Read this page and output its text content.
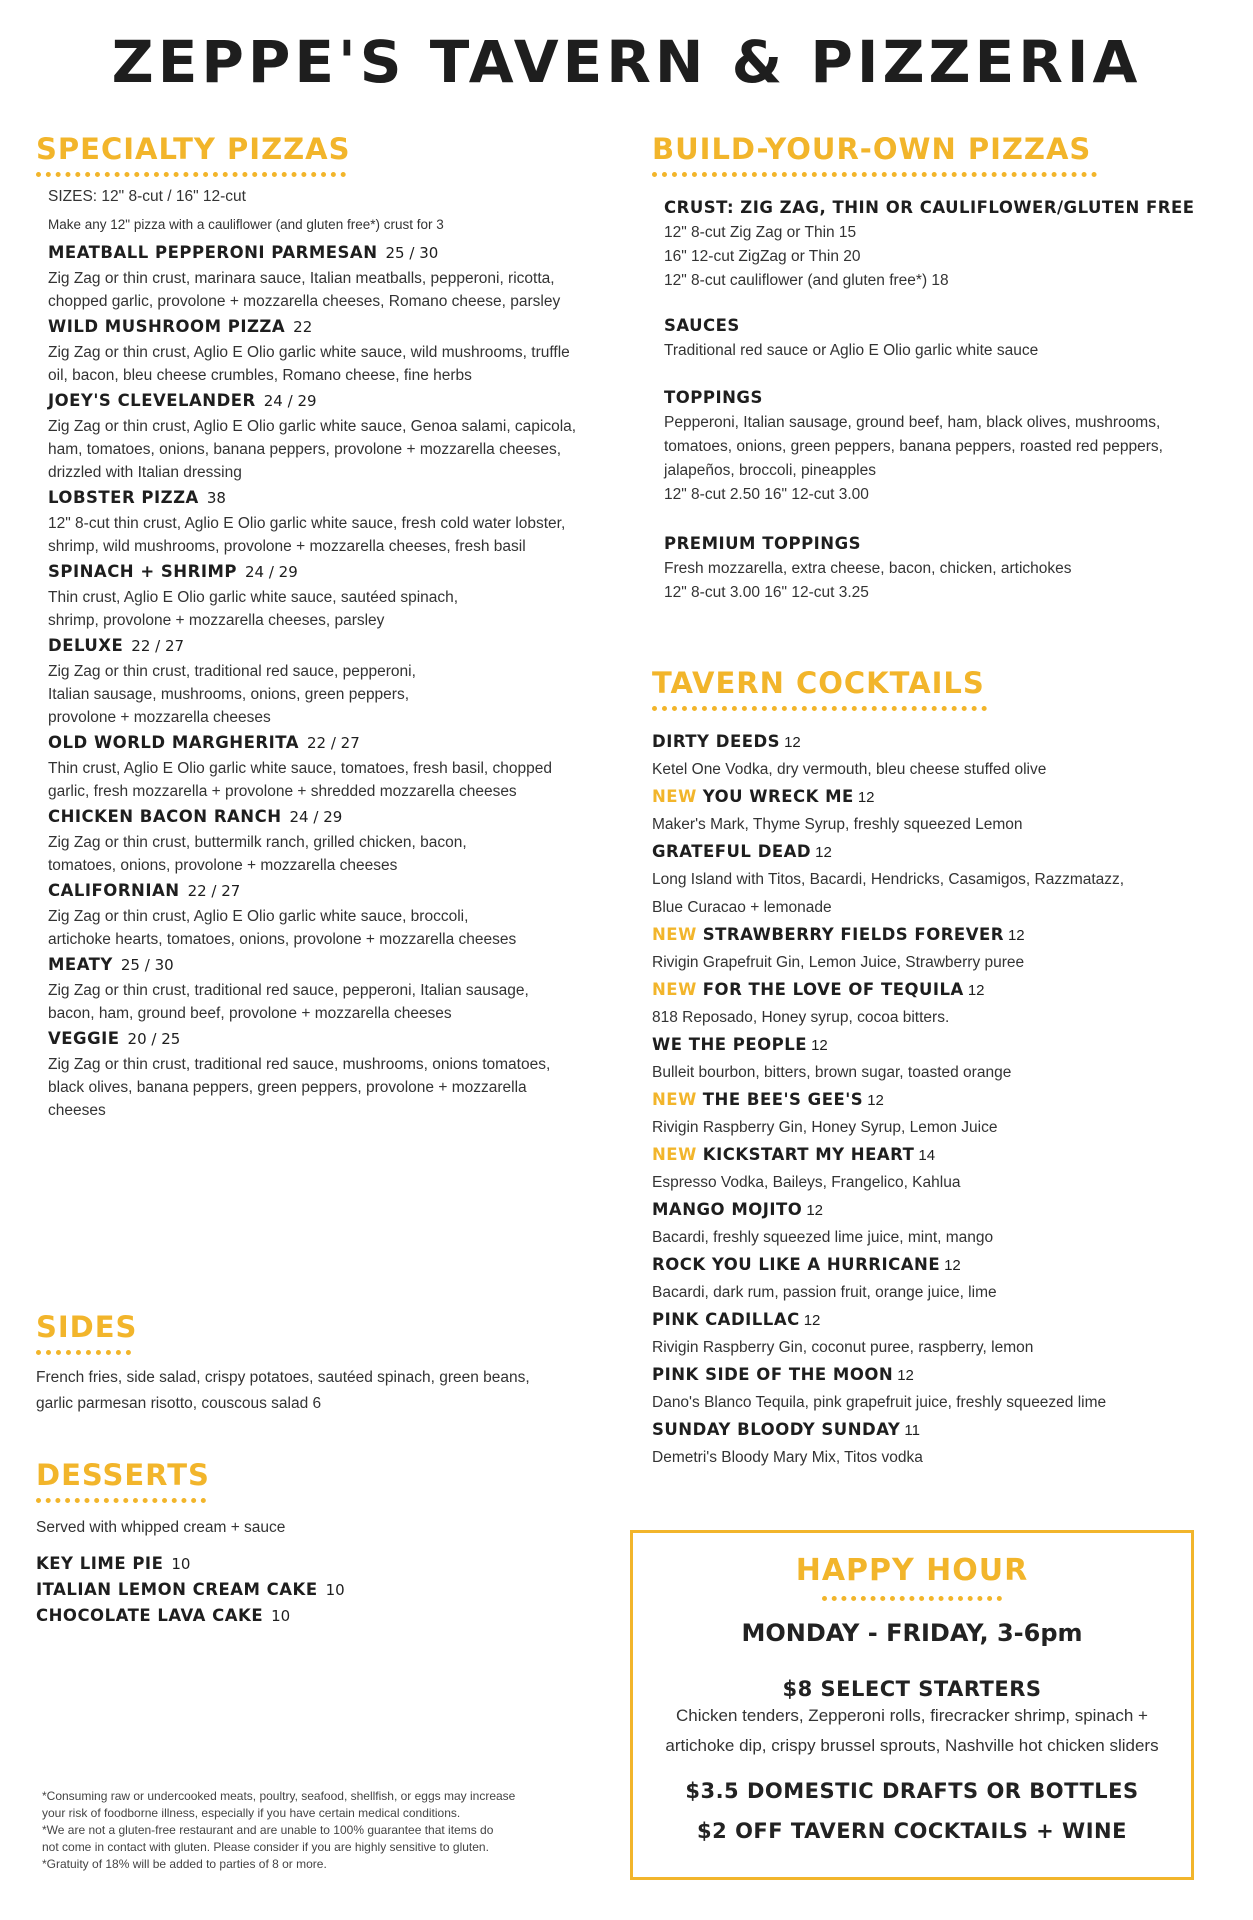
ZEPPE'S TAVERN & PIZZERIA
SPECIALTY PIZZAS

SIZES: 12" 8-cut / 16" 12-cut

Make any 12" pizza with a cauliflower (and gluten free*) crust for 3

MEATBALL PEPPERONI PARMESAN 25 / 30

Zig Zag or thin crust, marinara sauce, Italian meatballs, pepperoni, ricotta,

chopped garlic, provolone + mozzarella cheeses, Romano cheese, parsley

WILD MUSHROOM PIZZA 22

Zig Zag or thin crust, Aglio E Olio garlic white sauce, wild mushrooms, truffle

oil, bacon, bleu cheese crumbles, Romano cheese, fine herbs

JOEY'S CLEVELANDER 24 / 29

Zig Zag or thin crust, Aglio E Olio garlic white sauce, Genoa salami, capicola,

ham, tomatoes, onions, banana peppers, provolone + mozzarella cheeses,

drizzled with Italian dressing

LOBSTER PIZZA 38

12" 8-cut thin crust, Aglio E Olio garlic white sauce, fresh cold water lobster,

shrimp, wild mushrooms, provolone + mozzarella cheeses, fresh basil

SPINACH + SHRIMP 24 / 29

Thin crust, Aglio E Olio garlic white sauce, sautéed spinach,

shrimp, provolone + mozzarella cheeses, parsley

DELUXE 22 / 27

Zig Zag or thin crust, traditional red sauce, pepperoni,

Italian sausage, mushrooms, onions, green peppers,

provolone + mozzarella cheeses

OLD WORLD MARGHERITA 22 / 27

Thin crust, Aglio E Olio garlic white sauce, tomatoes, fresh basil, chopped

garlic, fresh mozzarella + provolone + shredded mozzarella cheeses

CHICKEN BACON RANCH 24 / 29

Zig Zag or thin crust, buttermilk ranch, grilled chicken, bacon,

tomatoes, onions, provolone + mozzarella cheeses

CALIFORNIAN 22 / 27

Zig Zag or thin crust, Aglio E Olio garlic white sauce, broccoli,

artichoke hearts, tomatoes, onions, provolone + mozzarella cheeses

MEATY 25 / 30

Zig Zag or thin crust, traditional red sauce, pepperoni, Italian sausage,

bacon, ham, ground beef, provolone + mozzarella cheeses

VEGGIE 20 / 25

Zig Zag or thin crust, traditional red sauce, mushrooms, onions tomatoes,

black olives, banana peppers, green peppers, provolone + mozzarella

cheeses

SIDES

French fries, side salad, crispy potatoes, sautéed spinach, green beans,

garlic parmesan risotto, couscous salad 6

DESSERTS

Served with whipped cream + sauce

KEY LIME PIE 10

ITALIAN LEMON CREAM CAKE 10

CHOCOLATE LAVA CAKE 10

*Consuming raw or undercooked meats, poultry, seafood, shellfish, or eggs may increase

your risk of foodborne illness, especially if you have certain medical conditions.

*We are not a gluten-free restaurant and are unable to 100% guarantee that items do

not come in contact with gluten. Please consider if you are highly sensitive to gluten.

*Gratuity of 18% will be added to parties of 8 or more.

BUILD-YOUR-OWN PIZZAS

CRUST: ZIG ZAG, THIN OR CAULIFLOWER/GLUTEN FREE

12" 8-cut Zig Zag or Thin 15

16" 12-cut ZigZag or Thin 20

12" 8-cut cauliflower (and gluten free*) 18

SAUCES

Traditional red sauce or Aglio E Olio garlic white sauce

TOPPINGS

Pepperoni, Italian sausage, ground beef, ham, black olives, mushrooms,

tomatoes, onions, green peppers, banana peppers, roasted red peppers,

jalapeños, broccoli, pineapples

12" 8-cut 2.50 16" 12-cut 3.00

PREMIUM TOPPINGS

Fresh mozzarella, extra cheese, bacon, chicken, artichokes

12" 8-cut 3.00 16" 12-cut 3.25

TAVERN COCKTAILS

DIRTY DEEDS 12

Ketel One Vodka, dry vermouth, bleu cheese stuffed olive

NEW YOU WRECK ME 12

Maker's Mark, Thyme Syrup, freshly squeezed Lemon

GRATEFUL DEAD 12

Long Island with Titos, Bacardi, Hendricks, Casamigos, Razzmatazz,

Blue Curacao + lemonade

NEW STRAWBERRY FIELDS FOREVER 12

Rivigin Grapefruit Gin, Lemon Juice, Strawberry puree

NEW FOR THE LOVE OF TEQUILA 12

818 Reposado, Honey syrup, cocoa bitters.

WE THE PEOPLE 12

Bulleit bourbon, bitters, brown sugar, toasted orange

NEW THE BEE'S GEE'S 12

Rivigin Raspberry Gin, Honey Syrup, Lemon Juice

NEW KICKSTART MY HEART 14

Espresso Vodka, Baileys, Frangelico, Kahlua

MANGO MOJITO 12

Bacardi, freshly squeezed lime juice, mint, mango

ROCK YOU LIKE A HURRICANE 12

Bacardi, dark rum, passion fruit, orange juice, lime

PINK CADILLAC 12

Rivigin Raspberry Gin, coconut puree, raspberry, lemon

PINK SIDE OF THE MOON 12

Dano's Blanco Tequila, pink grapefruit juice, freshly squeezed lime

SUNDAY BLOODY SUNDAY 11

Demetri's Bloody Mary Mix, Titos vodka

HAPPY HOUR

MONDAY - FRIDAY, 3-6pm

$8 SELECT STARTERS

Chicken tenders, Zepperoni rolls, firecracker shrimp, spinach +

artichoke dip, crispy brussel sprouts, Nashville hot chicken sliders

$3.5 DOMESTIC DRAFTS OR BOTTLES

$2 OFF TAVERN COCKTAILS + WINE
